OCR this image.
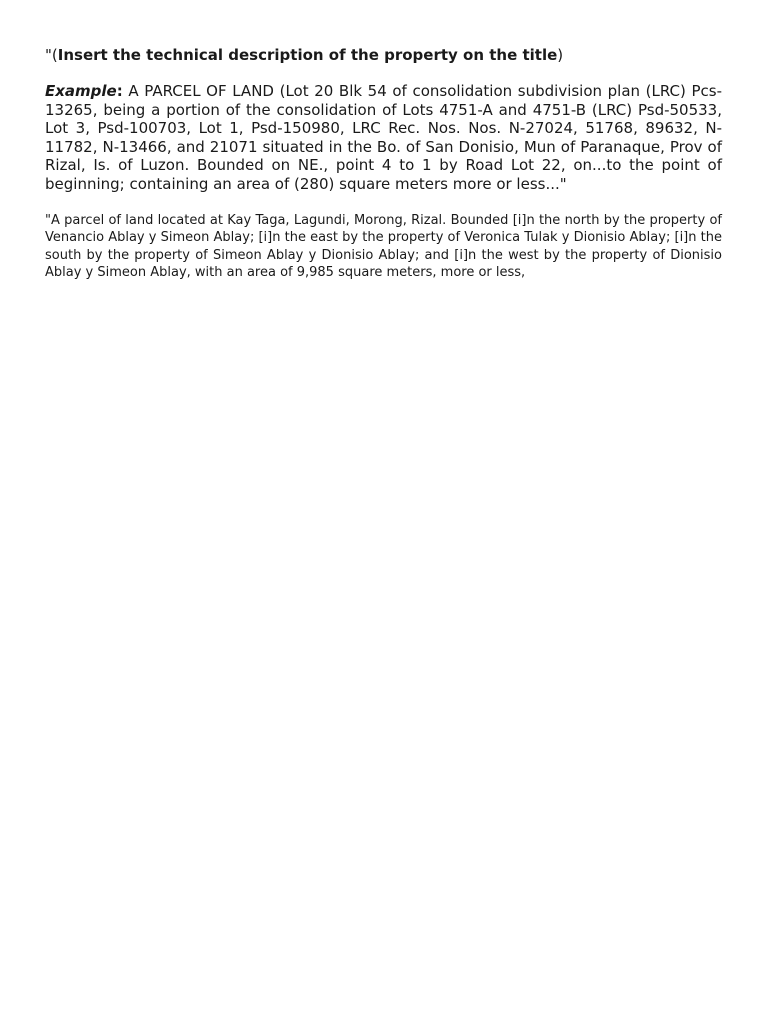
"(Insert the technical description of the property on the title)

Example: A PARCEL OF LAND (Lot 20 Blk 54 of consolidation subdivision plan (LRC) Pcs-13265, being a portion of the consolidation of Lots 4751-A and 4751-B (LRC) Psd-50533, Lot 3, Psd-100703, Lot 1, Psd-150980, LRC Rec. Nos. Nos. N-27024, 51768, 89632, N-11782, N-13466, and 21071 situated in the Bo. of San Donisio, Mun of Paranaque, Prov of Rizal, Is. of Luzon. Bounded on NE., point 4 to 1 by Road Lot 22, on...to the point of beginning; containing an area of (280) square meters more or less..."

"A parcel of land located at Kay Taga, Lagundi, Morong, Rizal. Bounded [i]n the north by the property of Venancio Ablay y Simeon Ablay; [i]n the east by the property of Veronica Tulak y Dionisio Ablay; [i]n the south by the property of Simeon Ablay y Dionisio Ablay; and [i]n the west by the property of Dionisio Ablay y Simeon Ablay, with an area of 9,985 square meters, more or less,
